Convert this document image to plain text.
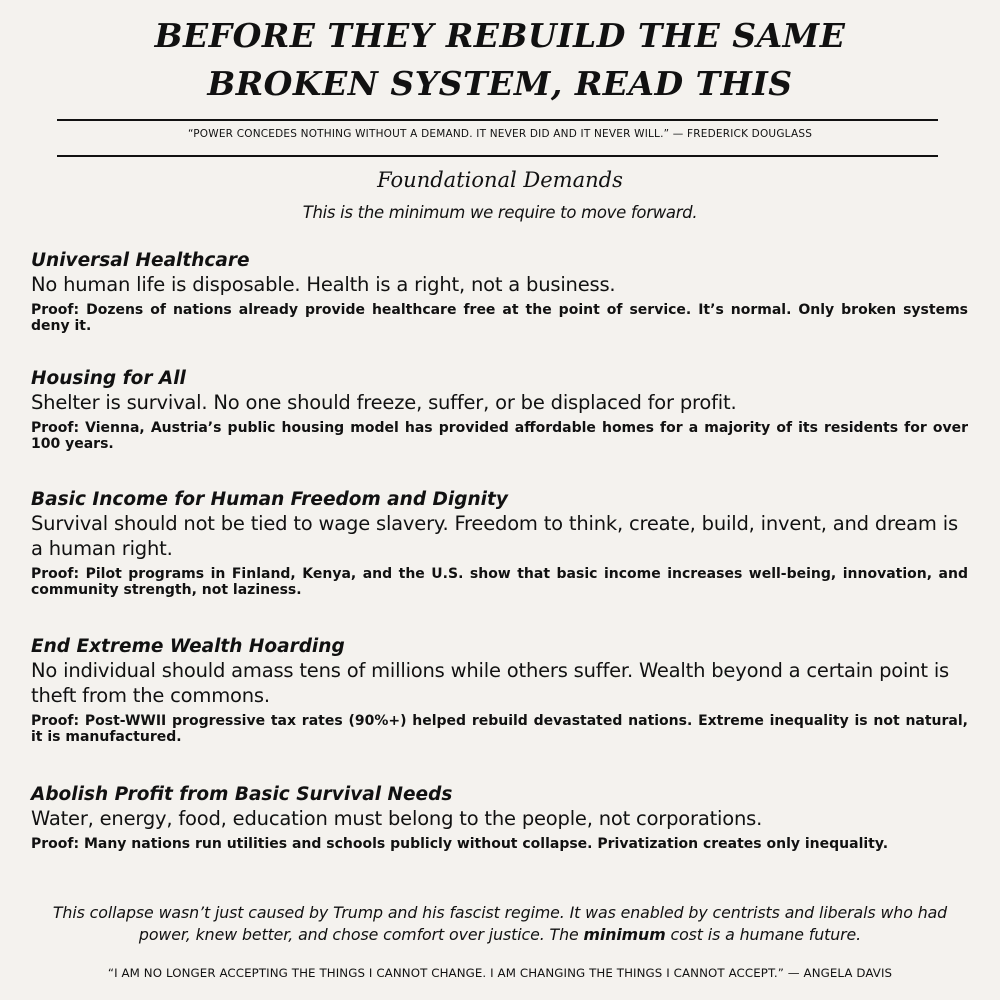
BEFORE THEY REBUILD THE SAME
BROKEN SYSTEM, READ THIS
“POWER CONCEDES NOTHING WITHOUT A DEMAND. IT NEVER DID AND IT NEVER WILL.” — FREDERICK DOUGLASS
Foundational Demands
This is the minimum we require to move forward.
Universal Healthcare

No human life is disposable. Health is a right, not a business.

Proof: Dozens of nations already provide healthcare free at the point of service. It’s normal. Only broken systems deny it.

Housing for All

Shelter is survival. No one should freeze, suffer, or be displaced for profit.

Proof: Vienna, Austria’s public housing model has provided affordable homes for a majority of its residents for over 100 years.

Basic Income for Human Freedom and Dignity

Survival should not be tied to wage slavery. Freedom to think, create, build, invent, and dream is a human right.

Proof: Pilot programs in Finland, Kenya, and the U.S. show that basic income increases well-being, innovation, and community strength, not laziness.

End Extreme Wealth Hoarding

No individual should amass tens of millions while others suffer. Wealth beyond a certain point is theft from the commons.

Proof: Post-WWII progressive tax rates (90%+) helped rebuild devastated nations. Extreme inequality is not natural, it is manufactured.

Abolish Profit from Basic Survival Needs

Water, energy, food, education must belong to the people, not corporations.

Proof: Many nations run utilities and schools publicly without collapse. Privatization creates only inequality.

This collapse wasn’t just caused by Trump and his fascist regime. It was enabled by centrists and liberals who had power, knew better, and chose comfort over justice. The minimum cost is a humane future.
“I AM NO LONGER ACCEPTING THE THINGS I CANNOT CHANGE. I AM CHANGING THE THINGS I CANNOT ACCEPT.” — ANGELA DAVIS
